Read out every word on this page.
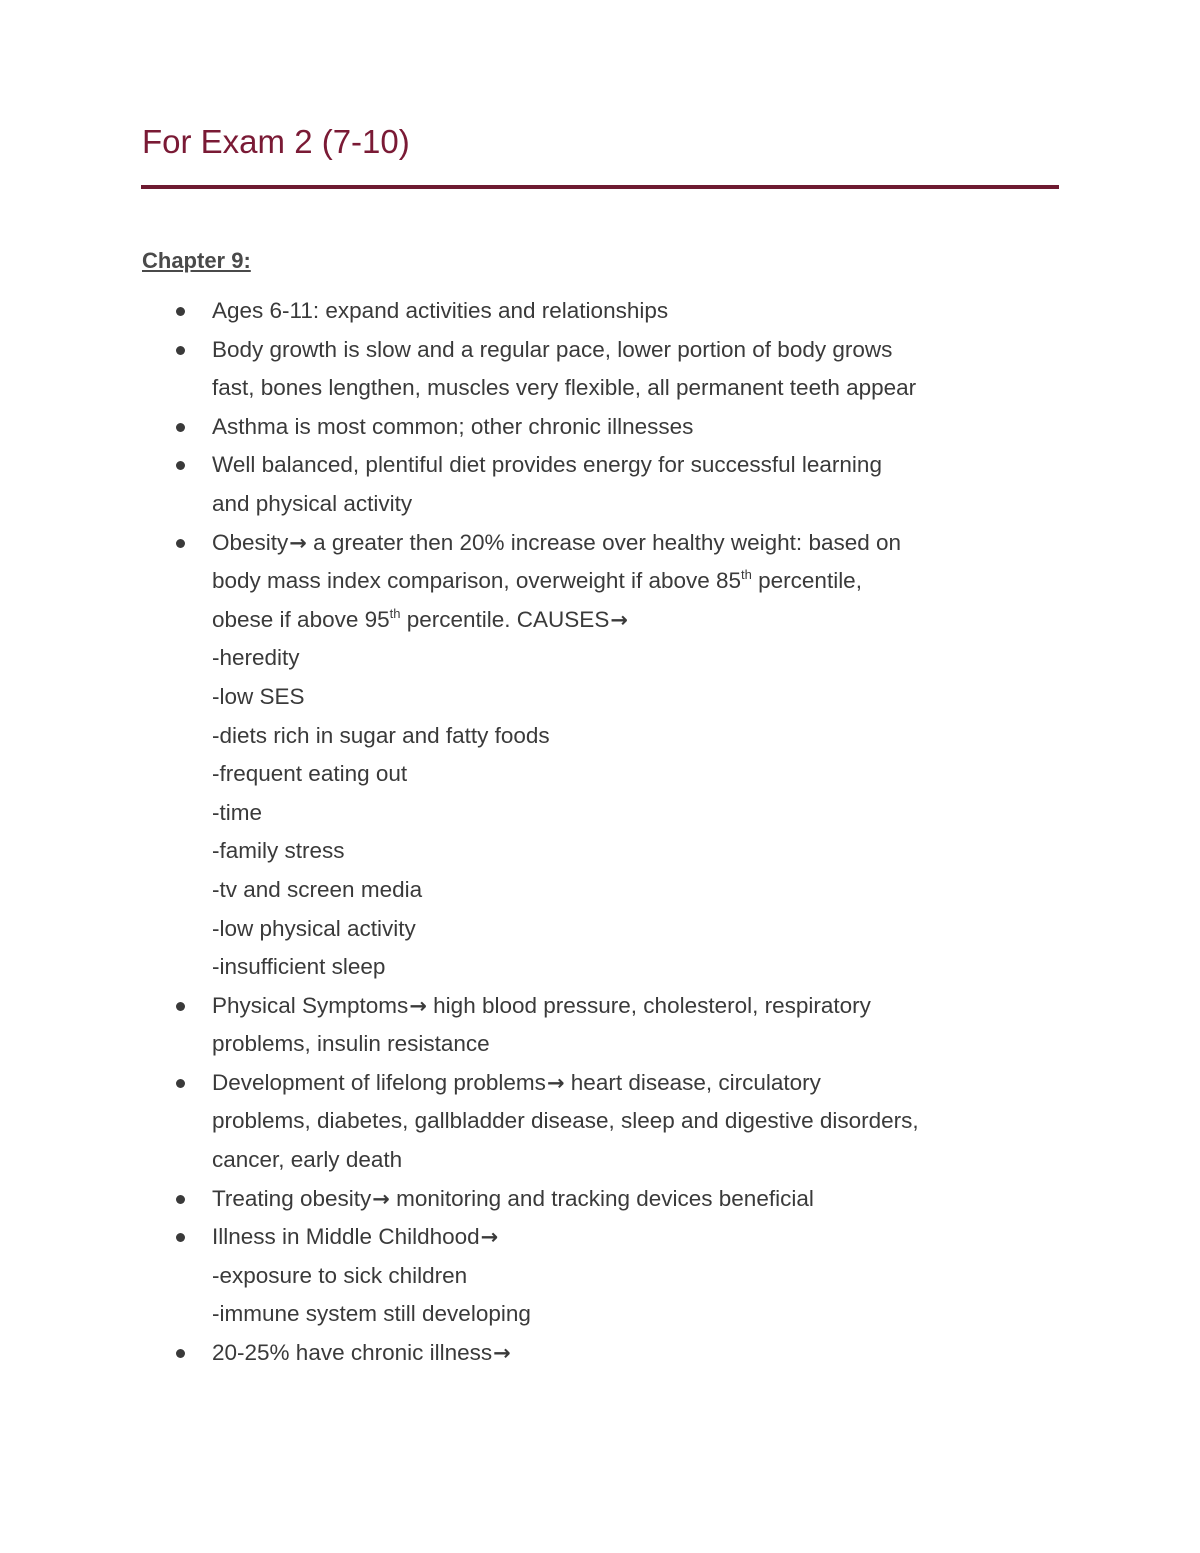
For Exam 2 (7-10)
Chapter 9:
Ages 6-11: expand activities and relationships
Body growth is slow and a regular pace, lower portion of body grows
fast, bones lengthen, muscles very flexible, all permanent teeth appear
Asthma is most common; other chronic illnesses
Well balanced, plentiful diet provides energy for successful learning
and physical activity
Obesity→ a greater then 20% increase over healthy weight: based on
body mass index comparison, overweight if above 85th percentile,
obese if above 95th percentile. CAUSES→
-heredity
-low SES
-diets rich in sugar and fatty foods
-frequent eating out
-time
-family stress
-tv and screen media
-low physical activity
-insufficient sleep
Physical Symptoms→ high blood pressure, cholesterol, respiratory
problems, insulin resistance
Development of lifelong problems→ heart disease, circulatory
problems, diabetes, gallbladder disease, sleep and digestive disorders,
cancer, early death
Treating obesity→ monitoring and tracking devices beneficial
Illness in Middle Childhood→
-exposure to sick children
-immune system still developing
20-25% have chronic illness→
